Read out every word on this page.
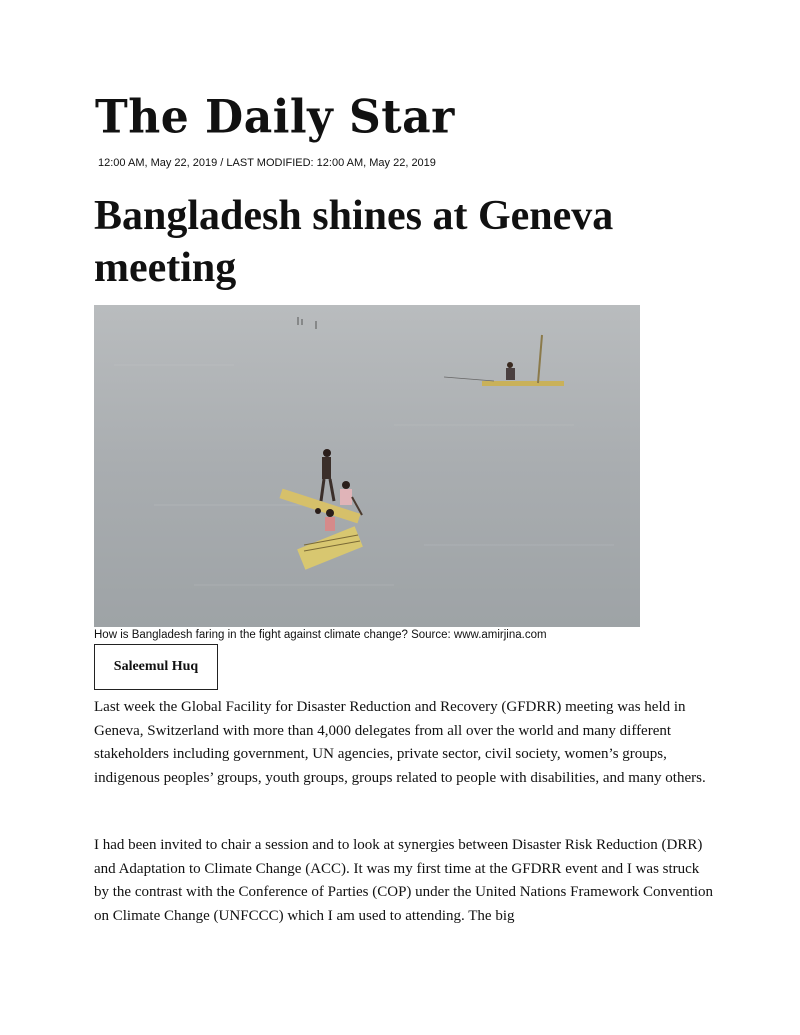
The Daily Star
12:00 AM, May 22, 2019 / LAST MODIFIED: 12:00 AM, May 22, 2019
Bangladesh shines at Geneva meeting
How is Bangladesh faring in the fight against climate change? Source: www.amirjina.com
Saleemul Huq

Last week the Global Facility for Disaster Reduction and Recovery (GFDRR) meeting was held in Geneva, Switzerland with more than 4,000 delegates from all over the world and many different stakeholders including government, UN agencies, private sector, civil society, women’s groups, indigenous peoples’ groups, youth groups, groups related to people with disabilities, and many others.

I had been invited to chair a session and to look at synergies between Disaster Risk Reduction (DRR) and Adaptation to Climate Change (ACC). It was my first time at the GFDRR event and I was struck by the contrast with the Conference of Parties (COP) under the United Nations Framework Convention on Climate Change (UNFCCC) which I am used to attending. The big
